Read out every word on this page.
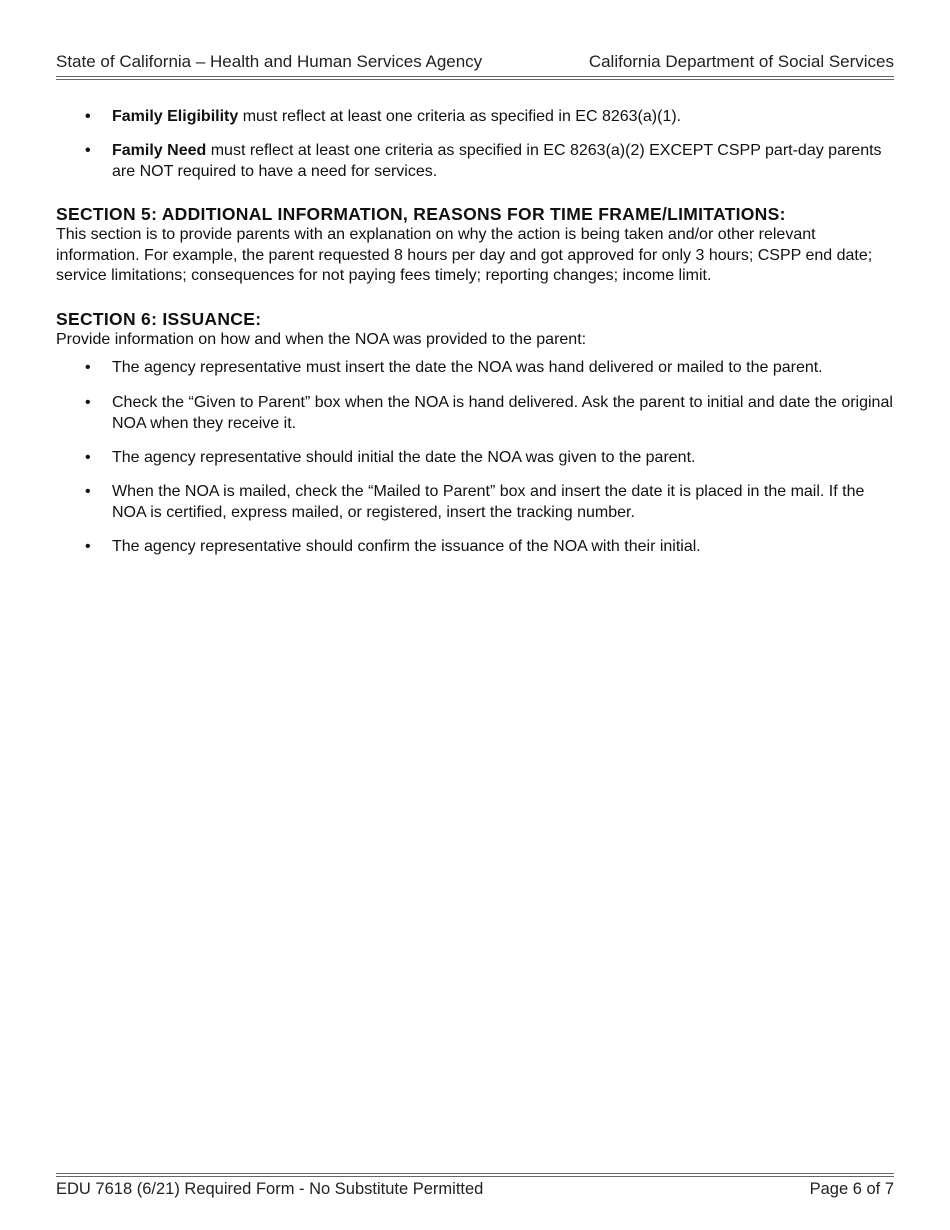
State of California – Health and Human Services Agency	California Department of Social Services
• Family Eligibility must reflect at least one criteria as specified in EC 8263(a)(1).
• Family Need must reflect at least one criteria as specified in EC 8263(a)(2) EXCEPT CSPP part-day parents are NOT required to have a need for services.
SECTION 5: ADDITIONAL INFORMATION, REASONS FOR TIME FRAME/LIMITATIONS:
This section is to provide parents with an explanation on why the action is being taken and/or other relevant information. For example, the parent requested 8 hours per day and got approved for only 3 hours; CSPP end date; service limitations; consequences for not paying fees timely; reporting changes; income limit.
SECTION 6: ISSUANCE:
Provide information on how and when the NOA was provided to the parent:
• The agency representative must insert the date the NOA was hand delivered or mailed to the parent.
• Check the “Given to Parent” box when the NOA is hand delivered. Ask the parent to initial and date the original NOA when they receive it.
• The agency representative should initial the date the NOA was given to the parent.
• When the NOA is mailed, check the “Mailed to Parent” box and insert the date it is placed in the mail. If the NOA is certified, express mailed, or registered, insert the tracking number.
• The agency representative should confirm the issuance of the NOA with their initial.
EDU 7618 (6/21) Required Form - No Substitute Permitted	Page 6 of 7
